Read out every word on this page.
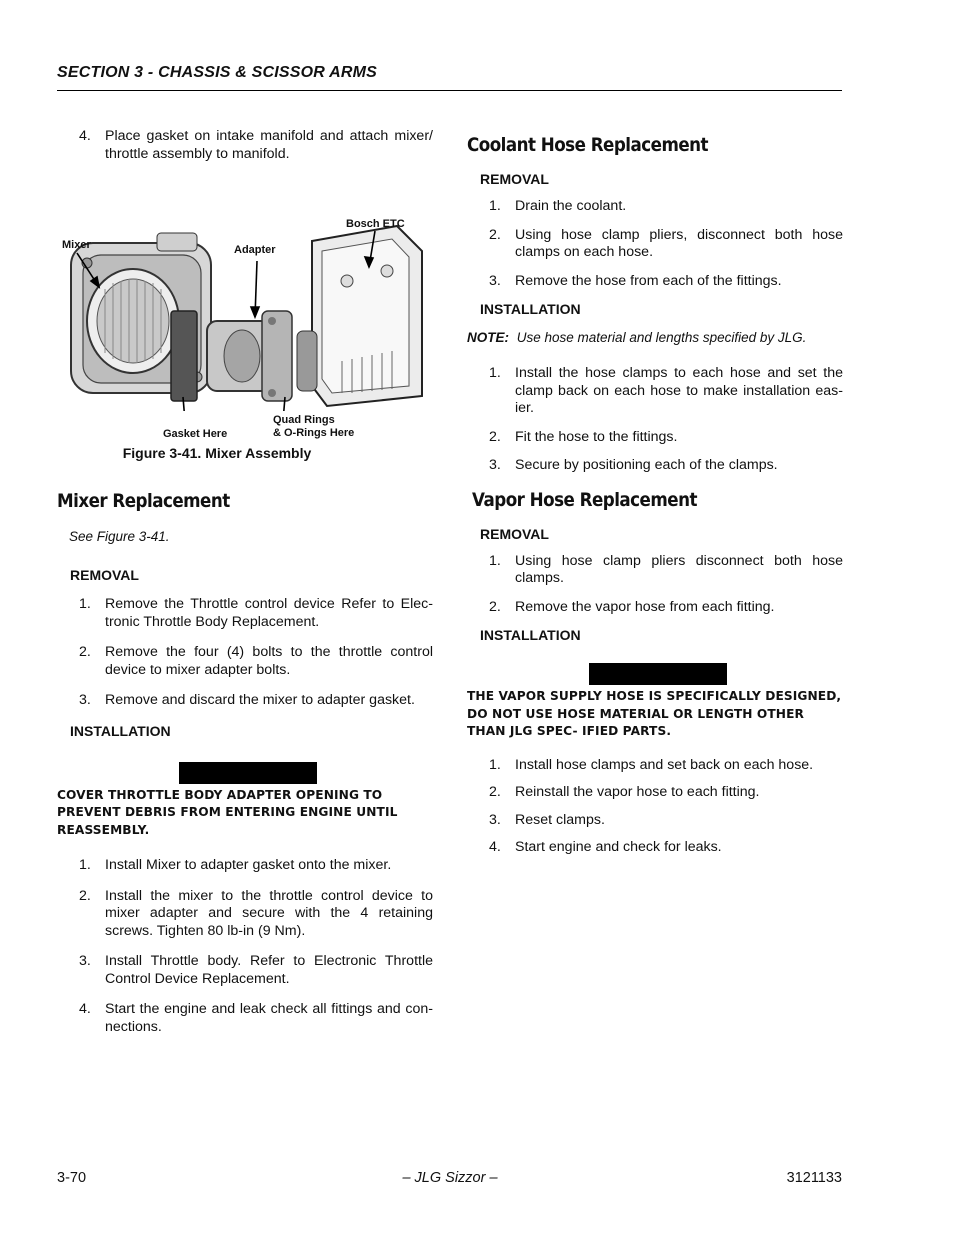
SECTION 3 - CHASSIS & SCISSOR ARMS
4. Place gasket on intake manifold and attach mixer/ throttle assembly to manifold.
Mixer	Adapter
Bosch ETC
Gasket Here
Quad Rings
& O-Rings Here
Figure 3-41. Mixer Assembly
Mixer Replacement
See Figure 3-41.
REMOVAL
1. Remove the Throttle control device Refer to Elec- tronic Throttle Body Replacement.
2. Remove the four (4) bolts to the throttle control device to mixer adapter bolts.
3. Remove and discard the mixer to adapter gasket.
INSTALLATION
COVER THROTTLE BODY ADAPTER OPENING TO PREVENT DEBRIS FROM ENTERING ENGINE UNTIL REASSEMBLY.
1. Install Mixer to adapter gasket onto the mixer.
2. Install the mixer to the throttle control device to mixer adapter and secure with the 4 retaining screws. Tighten 80 lb-in (9 Nm).
3. Install Throttle body. Refer to Electronic Throttle Control Device Replacement.
4. Start the engine and leak check all fittings and con- nections.
Coolant Hose Replacement
REMOVAL
1. Drain the coolant.
2. Using hose clamp pliers, disconnect both hose clamps on each hose.
3. Remove the hose from each of the fittings.
INSTALLATION
NOTE: Use hose material and lengths specified by JLG.
1. Install the hose clamps to each hose and set the clamp back on each hose to make installation eas- ier.
2. Fit the hose to the fittings.
3. Secure by positioning each of the clamps.
Vapor Hose Replacement
REMOVAL
1. Using hose clamp pliers disconnect both hose clamps.
2. Remove the vapor hose from each fitting.
INSTALLATION
THE VAPOR SUPPLY HOSE IS SPECIFICALLY DESIGNED, DO NOT USE HOSE MATERIAL OR LENGTH OTHER THAN JLG SPEC- IFIED PARTS.
1. Install hose clamps and set back on each hose.
2. Reinstall the vapor hose to each fitting.
3. Reset clamps.
4. Start engine and check for leaks.
3-70	– JLG Sizzor –	3121133
